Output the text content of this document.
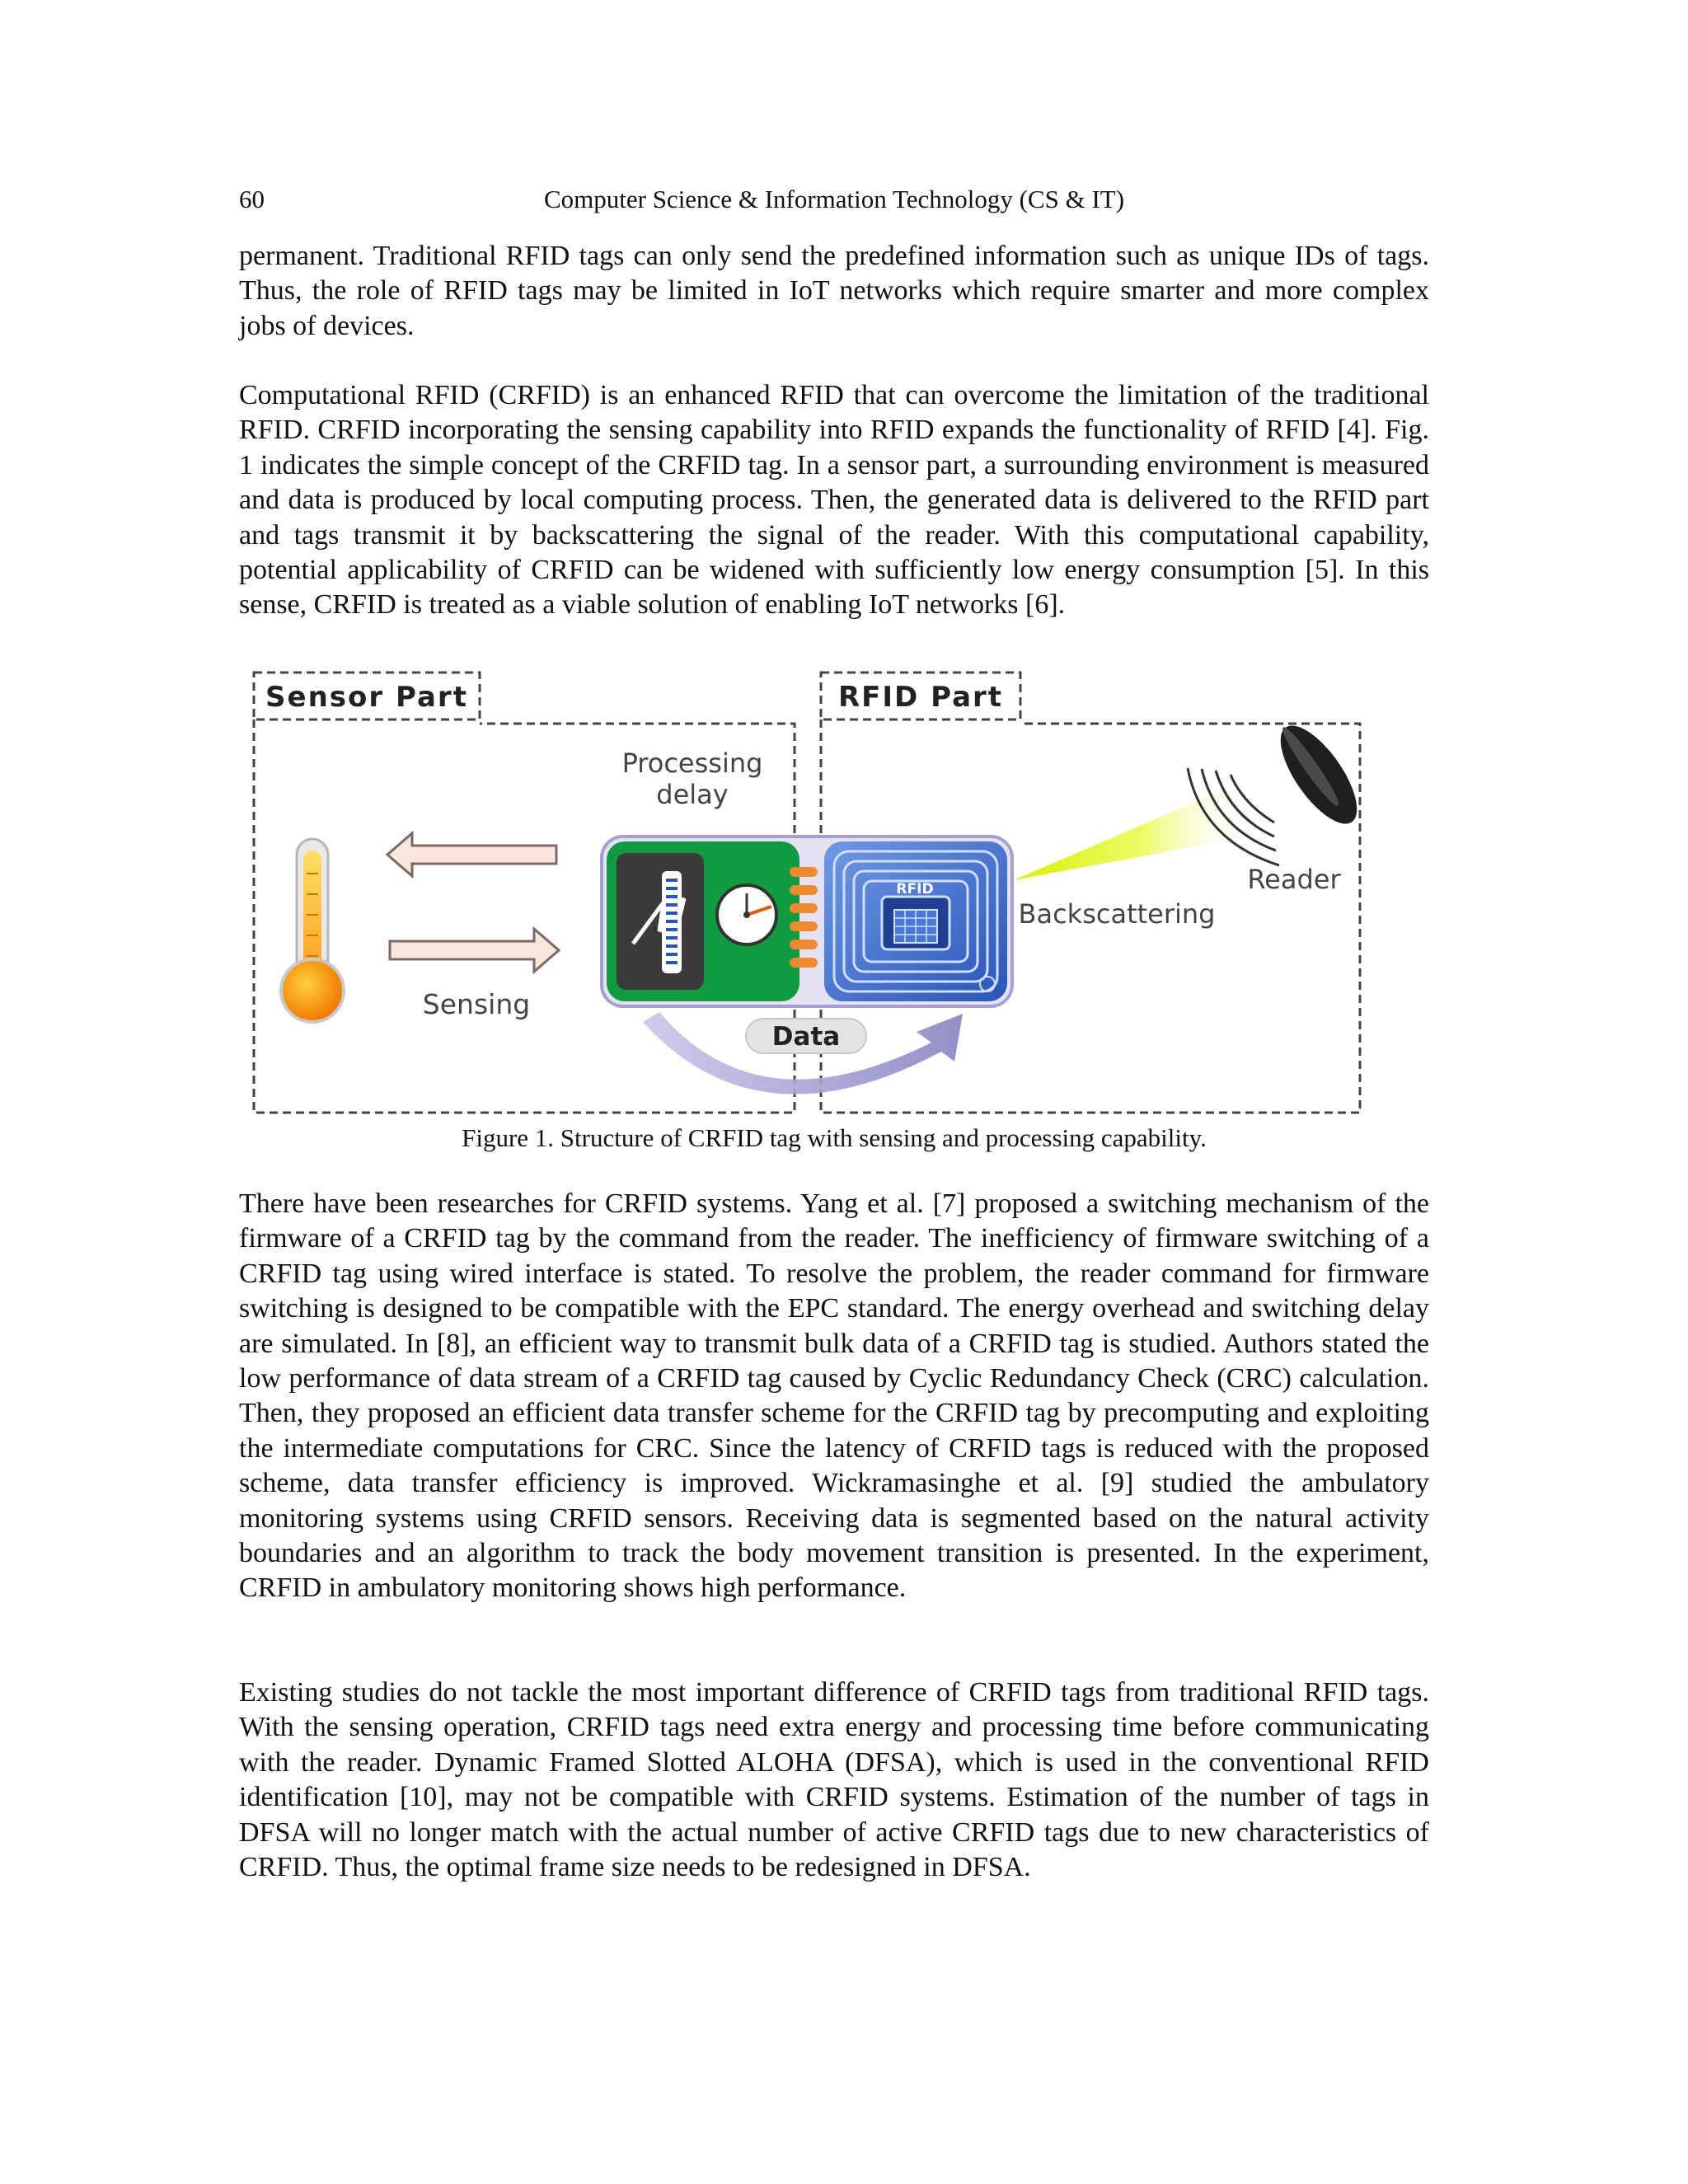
60	Computer Science & Information Technology (CS & IT)

permanent. Traditional RFID tags can only send the predefined information such as unique IDs of tags. Thus, the role of RFID tags may be limited in IoT networks which require smarter and more complex jobs of devices.

Computational RFID (CRFID) is an enhanced RFID that can overcome the limitation of the traditional RFID. CRFID incorporating the sensing capability into RFID expands the functionality of RFID [4]. Fig. 1 indicates the simple concept of the CRFID tag. In a sensor part, a surrounding environment is measured and data is produced by local computing process. Then, the generated data is delivered to the RFID part and tags transmit it by backscattering the signal of the reader. With this computational capability, potential applicability of CRFID can be widened with sufficiently low energy consumption [5]. In this sense, CRFID is treated as a viable solution of enabling IoT networks [6].

Sensor Part	RFID Part
Processing
delay
Sensing
Data
RFID	Reader
Backscattering
Figure 1. Structure of CRFID tag with sensing and processing capability.

There have been researches for CRFID systems. Yang et al. [7] proposed a switching mechanism of the firmware of a CRFID tag by the command from the reader. The inefficiency of firmware switching of a CRFID tag using wired interface is stated. To resolve the problem, the reader command for firmware switching is designed to be compatible with the EPC standard. The energy overhead and switching delay are simulated. In [8], an efficient way to transmit bulk data of a CRFID tag is studied. Authors stated the low performance of data stream of a CRFID tag caused by Cyclic Redundancy Check (CRC) calculation. Then, they proposed an efficient data transfer scheme for the CRFID tag by precomputing and exploiting the intermediate computations for CRC. Since the latency of CRFID tags is reduced with the proposed scheme, data transfer efficiency is improved. Wickramasinghe et al. [9] studied the ambulatory monitoring systems using CRFID sensors. Receiving data is segmented based on the natural activity boundaries and an algorithm to track the body movement transition is presented. In the experiment, CRFID in ambulatory monitoring shows high performance.

Existing studies do not tackle the most important difference of CRFID tags from traditional RFID tags. With the sensing operation, CRFID tags need extra energy and processing time before communicating with the reader. Dynamic Framed Slotted ALOHA (DFSA), which is used in the conventional RFID identification [10], may not be compatible with CRFID systems. Estimation of the number of tags in DFSA will no longer match with the actual number of active CRFID tags due to new characteristics of CRFID. Thus, the optimal frame size needs to be redesigned in DFSA.
